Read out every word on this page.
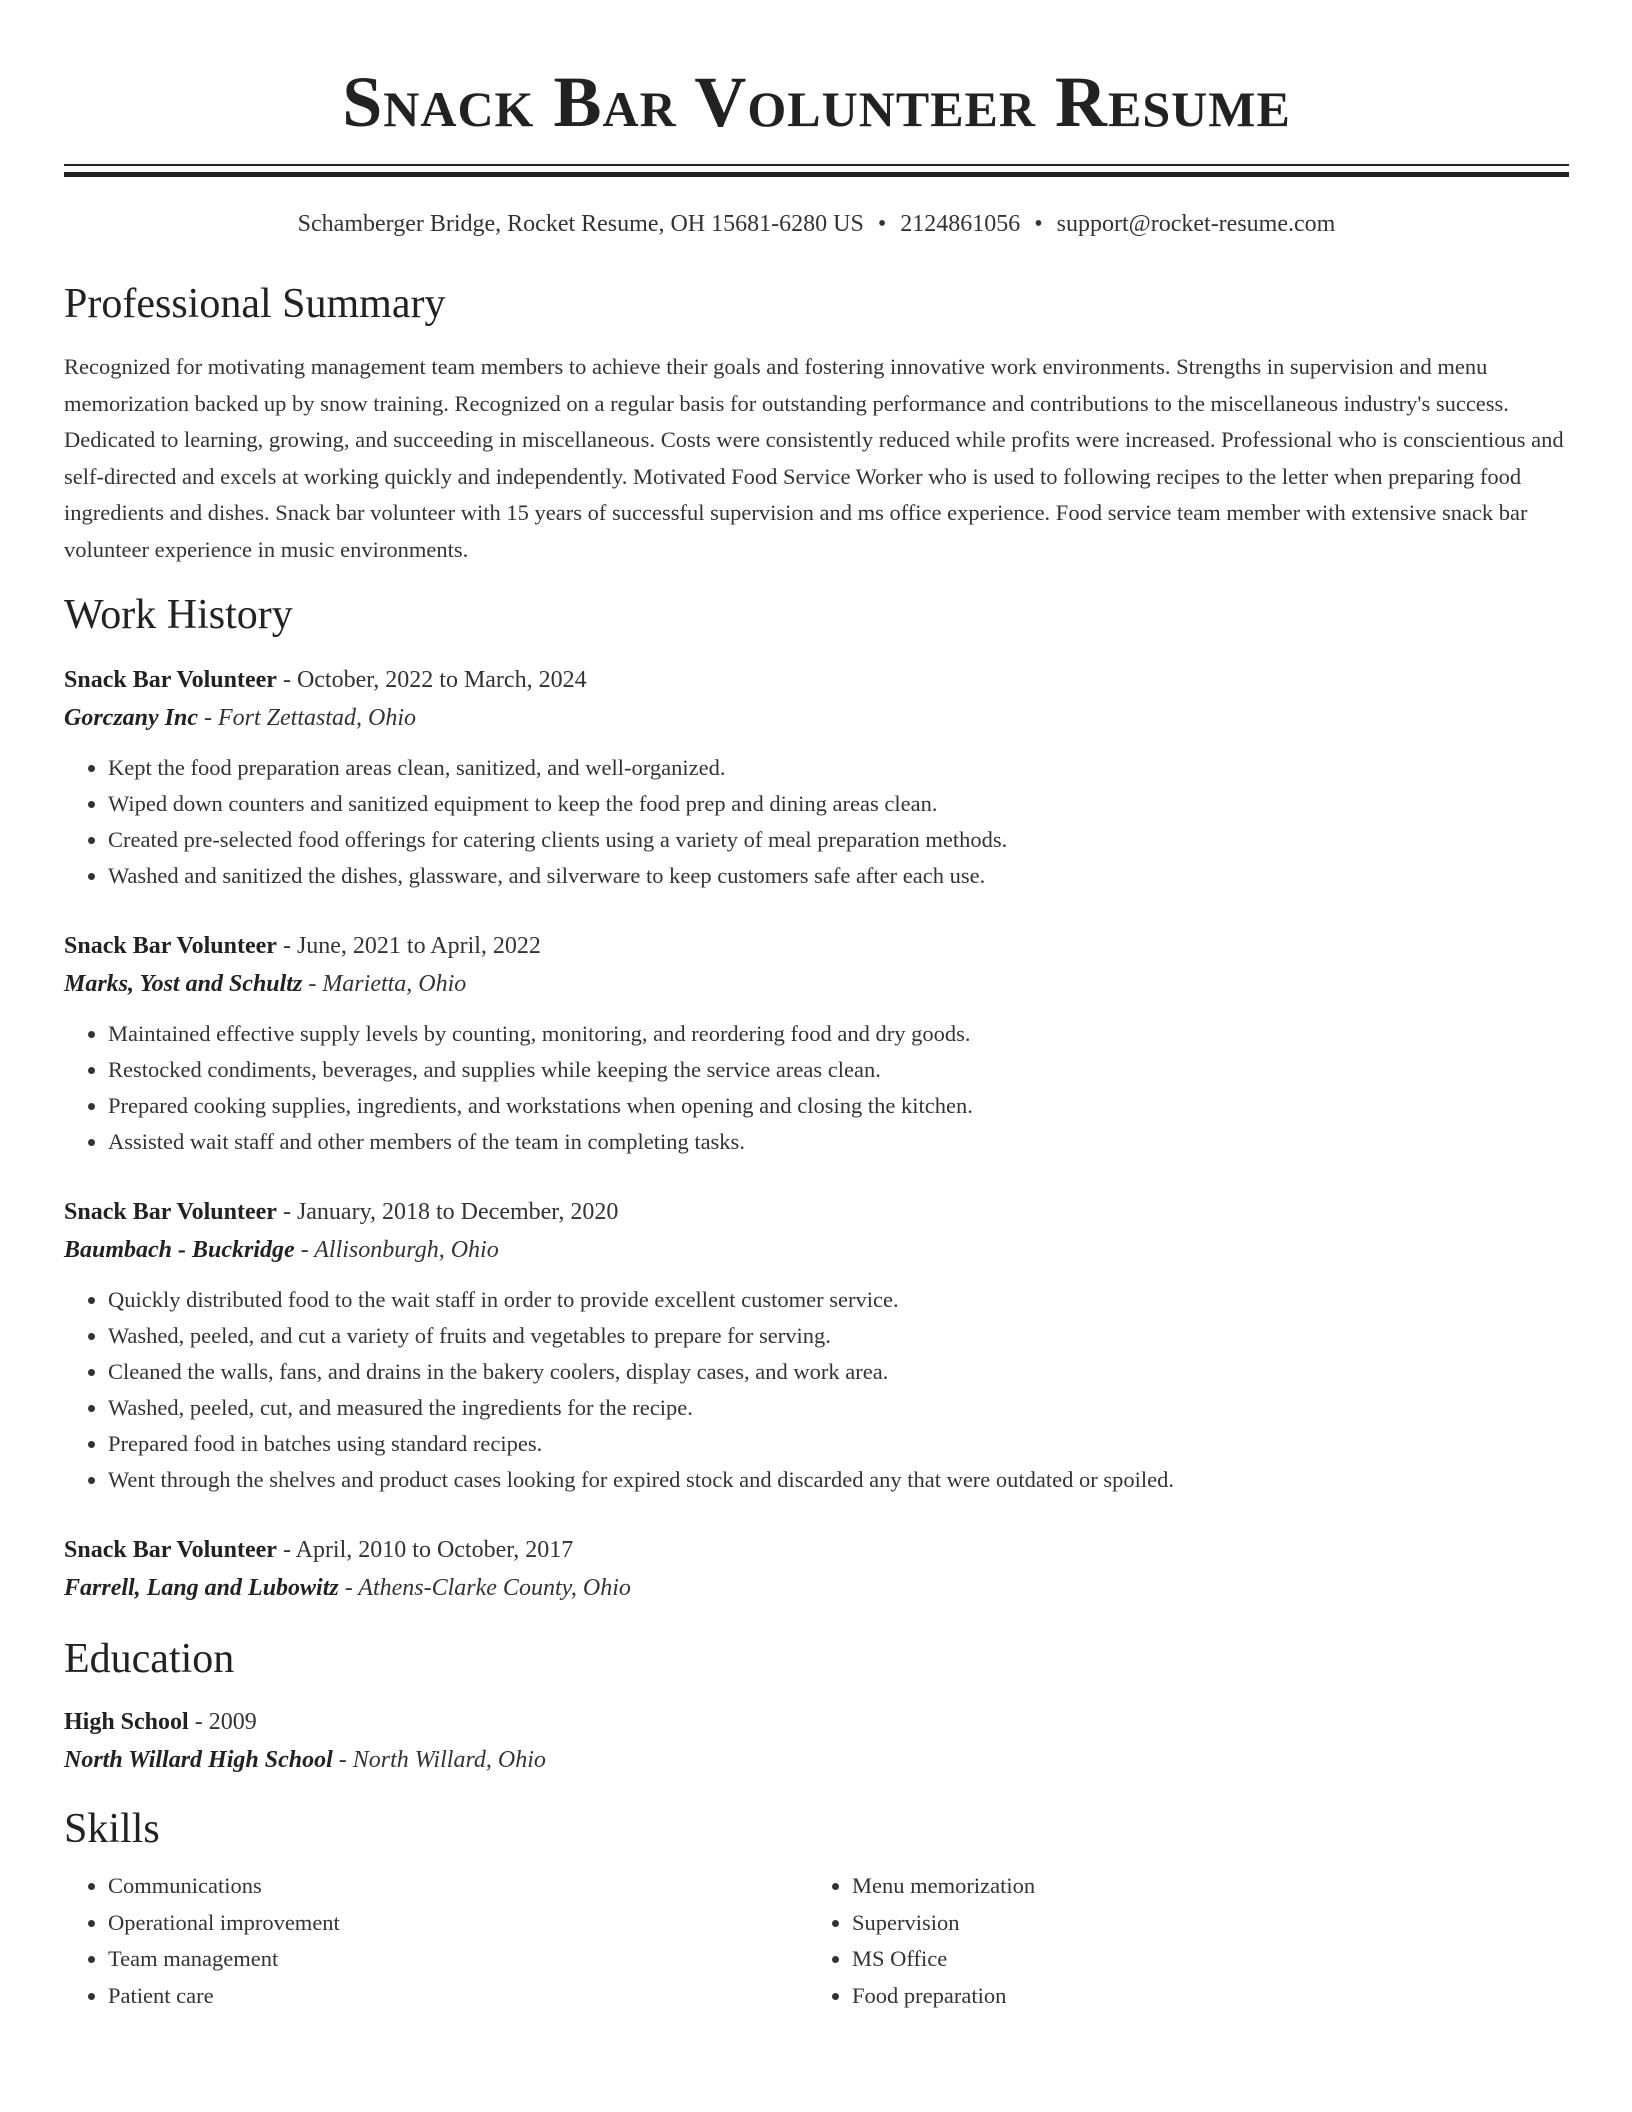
Snack Bar Volunteer Resume
Schamberger Bridge, Rocket Resume, OH 15681-6280 US • 2124861056 • support@rocket-resume.com
Professional Summary
Recognized for motivating management team members to achieve their goals and fostering innovative work environments. Strengths in supervision and menu memorization backed up by snow training. Recognized on a regular basis for outstanding performance and contributions to the miscellaneous industry's success. Dedicated to learning, growing, and succeeding in miscellaneous. Costs were consistently reduced while profits were increased. Professional who is conscientious and self-directed and excels at working quickly and independently. Motivated Food Service Worker who is used to following recipes to the letter when preparing food ingredients and dishes. Snack bar volunteer with 15 years of successful supervision and ms office experience. Food service team member with extensive snack bar volunteer experience in music environments.
Work History
Snack Bar Volunteer - October, 2022 to March, 2024
Gorczany Inc - Fort Zettastad, Ohio
• Kept the food preparation areas clean, sanitized, and well-organized.
• Wiped down counters and sanitized equipment to keep the food prep and dining areas clean.
• Created pre-selected food offerings for catering clients using a variety of meal preparation methods.
• Washed and sanitized the dishes, glassware, and silverware to keep customers safe after each use.
Snack Bar Volunteer - June, 2021 to April, 2022
Marks, Yost and Schultz - Marietta, Ohio
• Maintained effective supply levels by counting, monitoring, and reordering food and dry goods.
• Restocked condiments, beverages, and supplies while keeping the service areas clean.
• Prepared cooking supplies, ingredients, and workstations when opening and closing the kitchen.
• Assisted wait staff and other members of the team in completing tasks.
Snack Bar Volunteer - January, 2018 to December, 2020
Baumbach - Buckridge - Allisonburgh, Ohio
• Quickly distributed food to the wait staff in order to provide excellent customer service.
• Washed, peeled, and cut a variety of fruits and vegetables to prepare for serving.
• Cleaned the walls, fans, and drains in the bakery coolers, display cases, and work area.
• Washed, peeled, cut, and measured the ingredients for the recipe.
• Prepared food in batches using standard recipes.
• Went through the shelves and product cases looking for expired stock and discarded any that were outdated or spoiled.
Snack Bar Volunteer - April, 2010 to October, 2017
Farrell, Lang and Lubowitz - Athens-Clarke County, Ohio
Education
High School - 2009
North Willard High School - North Willard, Ohio
Skills
• Communications
• Operational improvement
• Team management
• Patient care
• Menu memorization
• Supervision
• MS Office
• Food preparation
